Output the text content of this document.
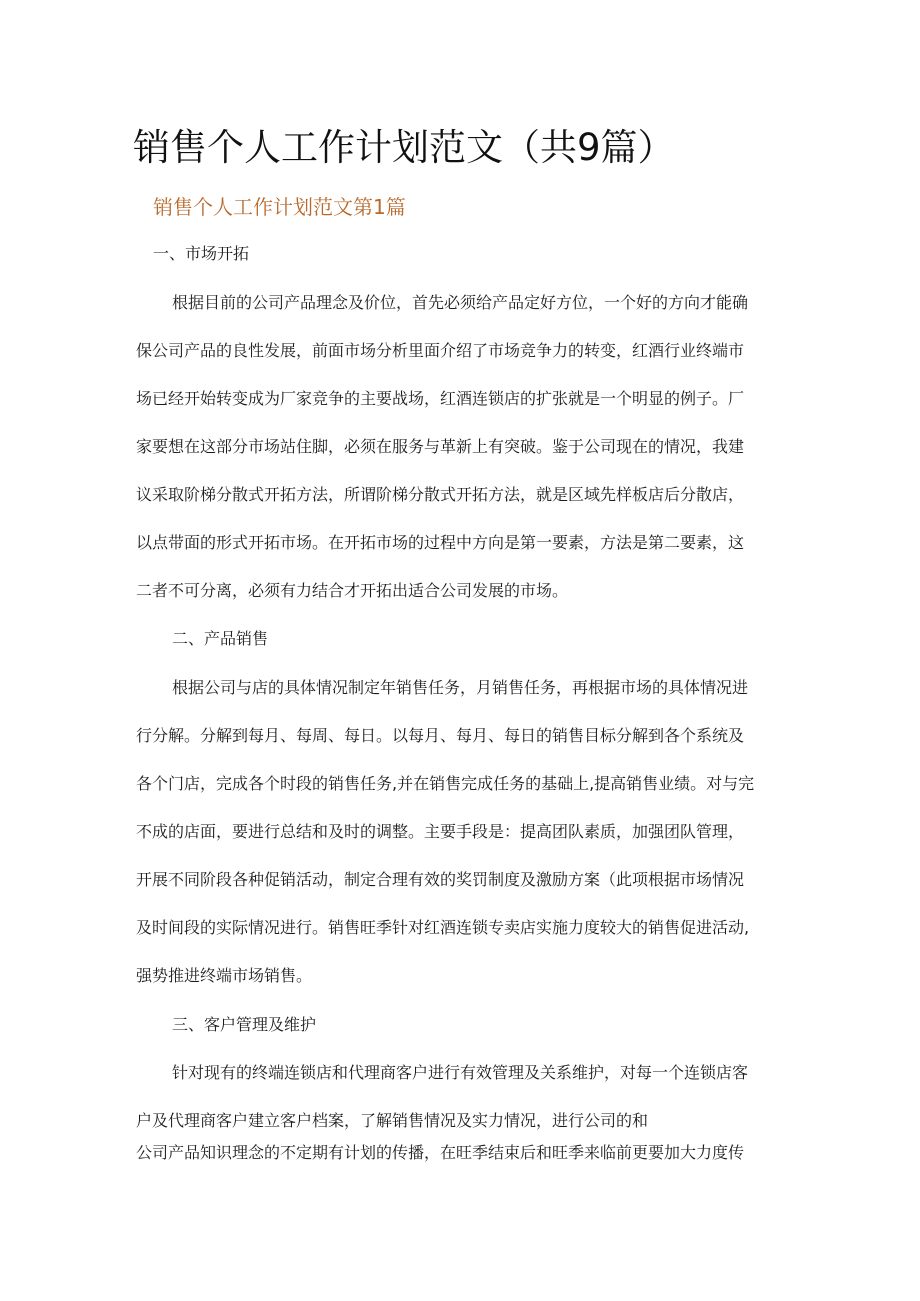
销售个人工作计划范文（共9篇）
销售个人工作计划范文第1篇
一、市场开拓
根据目前的公司产品理念及价位，首先必须给产品定好方位，一个好的方向才能确
保公司产品的良性发展，前面市场分析里面介绍了市场竞争力的转变，红酒行业终端市
场已经开始转变成为厂家竞争的主要战场，红酒连锁店的扩张就是一个明显的例子。厂
家要想在这部分市场站住脚，必须在服务与革新上有突破。鉴于公司现在的情况，我建
议采取阶梯分散式开拓方法，所谓阶梯分散式开拓方法，就是区域先样板店后分散店，
以点带面的形式开拓市场。在开拓市场的过程中方向是第一要素，方法是第二要素，这
二者不可分离，必须有力结合才开拓出适合公司发展的市场。
二、产品销售
根据公司与店的具体情况制定年销售任务，月销售任务，再根据市场的具体情况进
行分解。分解到每月、每周、每日。以每月、每月、每日的销售目标分解到各个系统及
各个门店，完成各个时段的销售任务,并在销售完成任务的基础上,提高销售业绩。对与完
不成的店面，要进行总结和及时的调整。主要手段是：提高团队素质，加强团队管理，
开展不同阶段各种促销活动，制定合理有效的奖罚制度及激励方案（此项根据市场情况
及时间段的实际情况进行。销售旺季针对红酒连锁专卖店实施力度较大的销售促进活动,
强势推进终端市场销售。
三、客户管理及维护
针对现有的终端连锁店和代理商客户进行有效管理及关系维护，对每一个连锁店客
户及代理商客户建立客户档案，了解销售情况及实力情况，进行公司的和
公司产品知识理念的不定期有计划的传播，在旺季结束后和旺季来临前更要加大力度传
